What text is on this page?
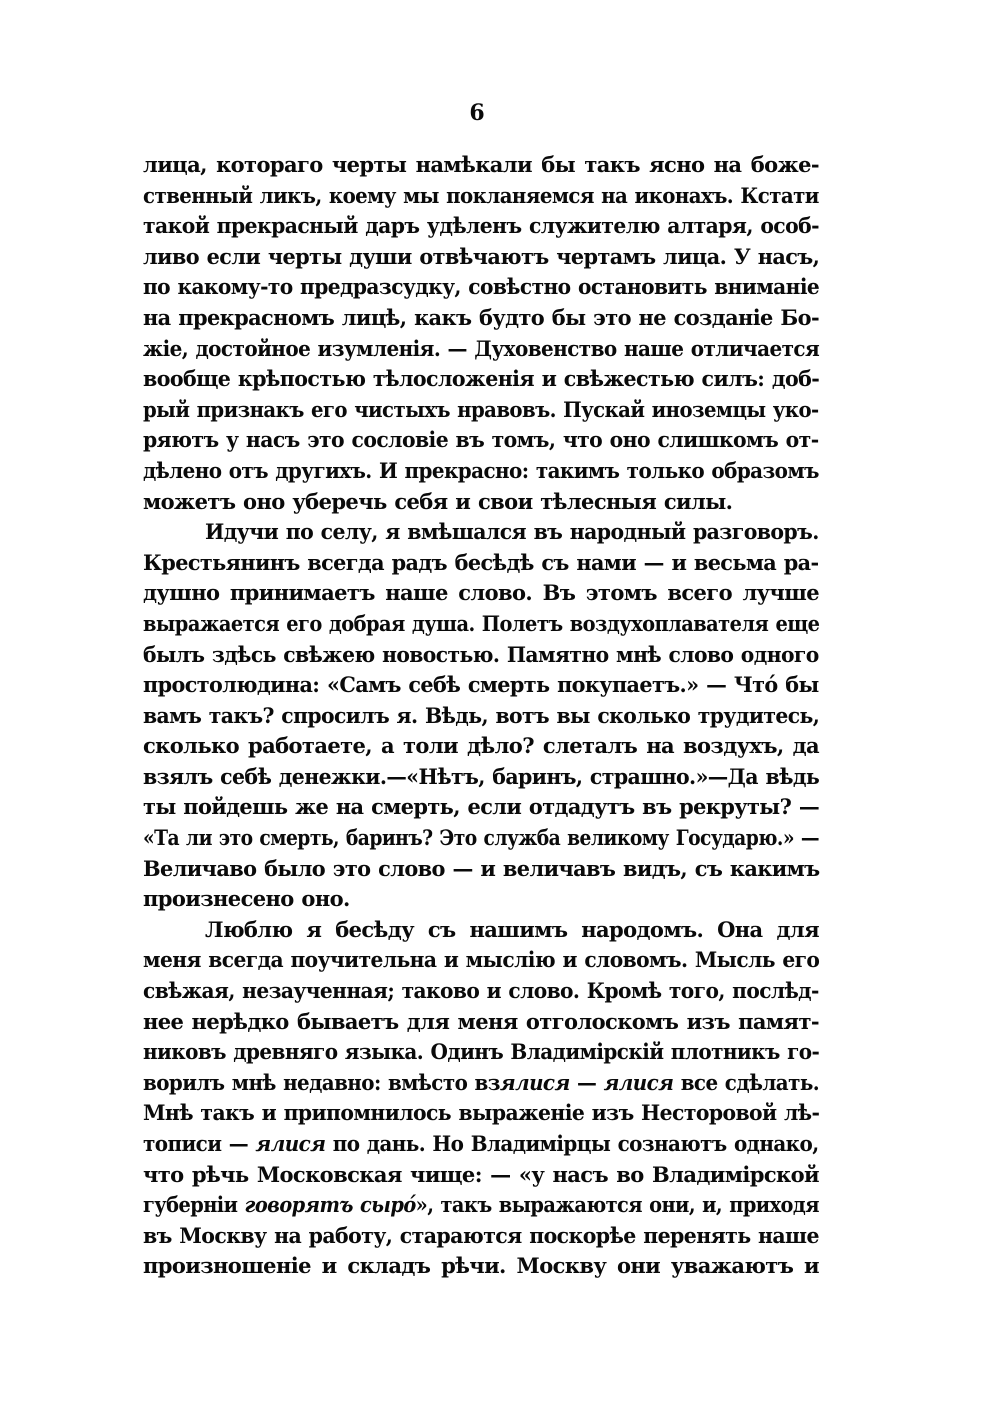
6
лица, котораго черты намѣкали бы такъ ясно на боже-
ственный ликъ, коему мы покланяемся на иконахъ. Кстати
такой прекрасный даръ удѣленъ служителю алтаря, особ-
ливо если черты души отвѣчаютъ чертамъ лица. У насъ,
по какому-то предразсудку, совѣстно остановить вниманіе
на прекрасномъ лицѣ, какъ будто бы это не созданіе Бо-
жіе, достойное изумленія. — Духовенство наше отличается
вообще крѣпостью тѣлосложенія и свѣжестью силъ: доб-
рый признакъ его чистыхъ нравовъ. Пускай иноземцы уко-
ряютъ у насъ это сословіе въ томъ, что оно слишкомъ от-
дѣлено отъ другихъ. И прекрасно: такимъ только образомъ
можетъ оно уберечь себя и свои тѣлесныя силы.
Идучи по селу, я вмѣшался въ народный разговоръ.
Крестьянинъ всегда радъ бесѣдѣ съ нами — и весьма ра-
душно принимаетъ наше слово. Въ этомъ всего лучше
выражается его добрая душа. Полетъ воздухоплавателя еще
былъ здѣсь свѣжею новостью. Памятно мнѣ слово одного
простолюдина: «Самъ себѣ смерть покупаетъ.» — Что́ бы
вамъ такъ? спросилъ я. Вѣдь, вотъ вы сколько трудитесь,
сколько работаете, а толи дѣло? слеталъ на воздухъ, да
взялъ себѣ денежки.—«Нѣтъ, баринъ, страшно.»—Да вѣдь
ты пойдешь же на смерть, если отдадутъ въ рекруты? —
«Та ли это смерть, баринъ? Это служба великому Государю.» —
Величаво было это слово — и величавъ видъ, съ какимъ
произнесено оно.
Люблю я бесѣду съ нашимъ народомъ. Она для
меня всегда поучительна и мыслію и словомъ. Мысль его
свѣжая, незаученная; таково и слово. Кромѣ того, послѣд-
нее нерѣдко бываетъ для меня отголоскомъ изъ памят-
никовъ древняго языка. Одинъ Владимірскій плотникъ го-
ворилъ мнѣ недавно: вмѣсто взялися — ялися все сдѣлать.
Мнѣ такъ и припомнилось выраженіе изъ Несторовой лѣ-
тописи — ялися по дань. Но Владимірцы сознаютъ однако,
что рѣчь Московская чище: — «у насъ во Владимірской
губерніи говорятъ сыро́», такъ выражаются они, и, приходя
въ Москву на работу, стараются поскорѣе перенять наше
произношеніе и складъ рѣчи. Москву они уважаютъ и
